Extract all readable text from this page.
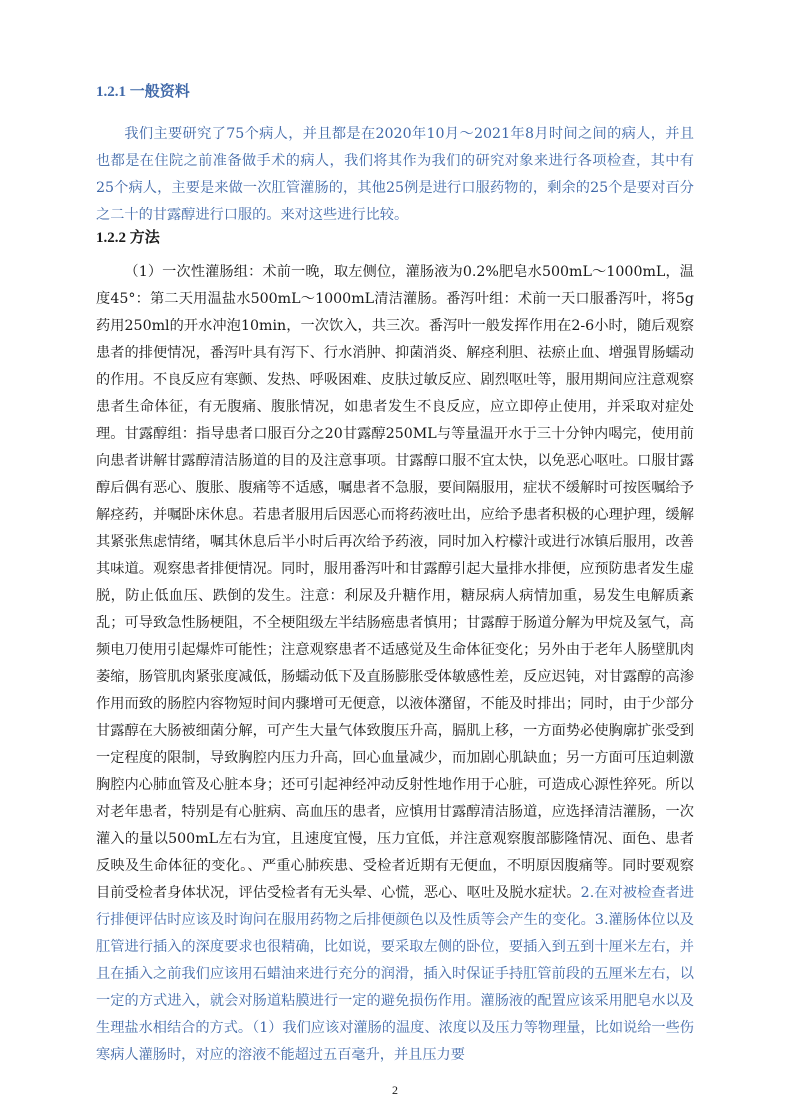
1.2.1 一般资料

我们主要研究了75个病人，并且都是在2020年10月～2021年8月时间之间的病人，并且也都是在住院之前准备做手术的病人，我们将其作为我们的研究对象来进行各项检查，其中有25个病人，主要是来做一次肛管灌肠的，其他25例是进行口服药物的，剩余的25个是要对百分之二十的甘露醇进行口服的。来对这些进行比较。

1.2.2 方法

（1）一次性灌肠组：术前一晚，取左侧位，灌肠液为0.2%肥皂水500mL～1000mL，温度45°：第二天用温盐水500mL～1000mL清洁灌肠。番泻叶组：术前一天口服番泻叶，将5g药用250ml的开水冲泡10min，一次饮入，共三次。番泻叶一般发挥作用在2-6小时，随后观察患者的排便情况，番泻叶具有泻下、行水消肿、抑菌消炎、解痉利胆、祛瘀止血、增强胃肠蠕动的作用。不良反应有寒颤、发热、呼吸困难、皮肤过敏反应、剧烈呕吐等，服用期间应注意观察患者生命体征，有无腹痛、腹胀情况，如患者发生不良反应，应立即停止使用，并采取对症处理。甘露醇组：指导患者口服百分之20甘露醇250ML与等量温开水于三十分钟内喝完，使用前向患者讲解甘露醇清洁肠道的目的及注意事项。甘露醇口服不宜太快，以免恶心呕吐。口服甘露醇后偶有恶心、腹胀、腹痛等不适感，嘱患者不急服，要间隔服用，症状不缓解时可按医嘱给予解痉药，并嘱卧床休息。若患者服用后因恶心而将药液吐出，应给予患者积极的心理护理，缓解其紧张焦虑情绪，嘱其休息后半小时后再次给予药液，同时加入柠檬汁或进行冰镇后服用，改善其味道。观察患者排便情况。同时，服用番泻叶和甘露醇引起大量排水排便，应预防患者发生虚脱，防止低血压、跌倒的发生。注意：利尿及升糖作用，糖尿病人病情加重，易发生电解质紊乱；可导致急性肠梗阻，不全梗阻级左半结肠癌患者慎用；甘露醇于肠道分解为甲烷及氢气，高频电刀使用引起爆炸可能性；注意观察患者不适感觉及生命体征变化；另外由于老年人肠壁肌肉萎缩，肠管肌肉紧张度减低，肠蠕动低下及直肠膨胀受体敏感性差，反应迟钝，对甘露醇的高渗作用而致的肠腔内容物短时间内骤增可无便意，以液体潴留，不能及时排出；同时，由于少部分甘露醇在大肠被细菌分解，可产生大量气体致腹压升高，膈肌上移，一方面势必使胸廓扩张受到一定程度的限制，导致胸腔内压力升高，回心血量减少，而加剧心肌缺血；另一方面可压迫刺激胸腔内心肺血管及心脏本身；还可引起神经冲动反射性地作用于心脏，可造成心源性猝死。所以对老年患者，特别是有心脏病、高血压的患者，应慎用甘露醇清洁肠道，应选择清洁灌肠，一次灌入的量以500mL左右为宜，且速度宜慢，压力宜低，并注意观察腹部膨隆情况、面色、患者反映及生命体征的变化。、严重心肺疾患、受检者近期有无便血，不明原因腹痛等。同时要观察目前受检者身体状况，评估受检者有无头晕、心慌，恶心、呕吐及脱水症状。2.在对被检查者进行排便评估时应该及时询问在服用药物之后排便颜色以及性质等会产生的变化。3.灌肠体位以及肛管进行插入的深度要求也很精确，比如说，要采取左侧的卧位，要插入到五到十厘米左右，并且在插入之前我们应该用石蜡油来进行充分的润滑，插入时保证手持肛管前段的五厘米左右，以一定的方式进入，就会对肠道粘膜进行一定的避免损伤作用。灌肠液的配置应该采用肥皂水以及生理盐水相结合的方式。（1）我们应该对灌肠的温度、浓度以及压力等物理量，比如说给一些伤寒病人灌肠时，对应的溶液不能超过五百毫升，并且压力要

2
